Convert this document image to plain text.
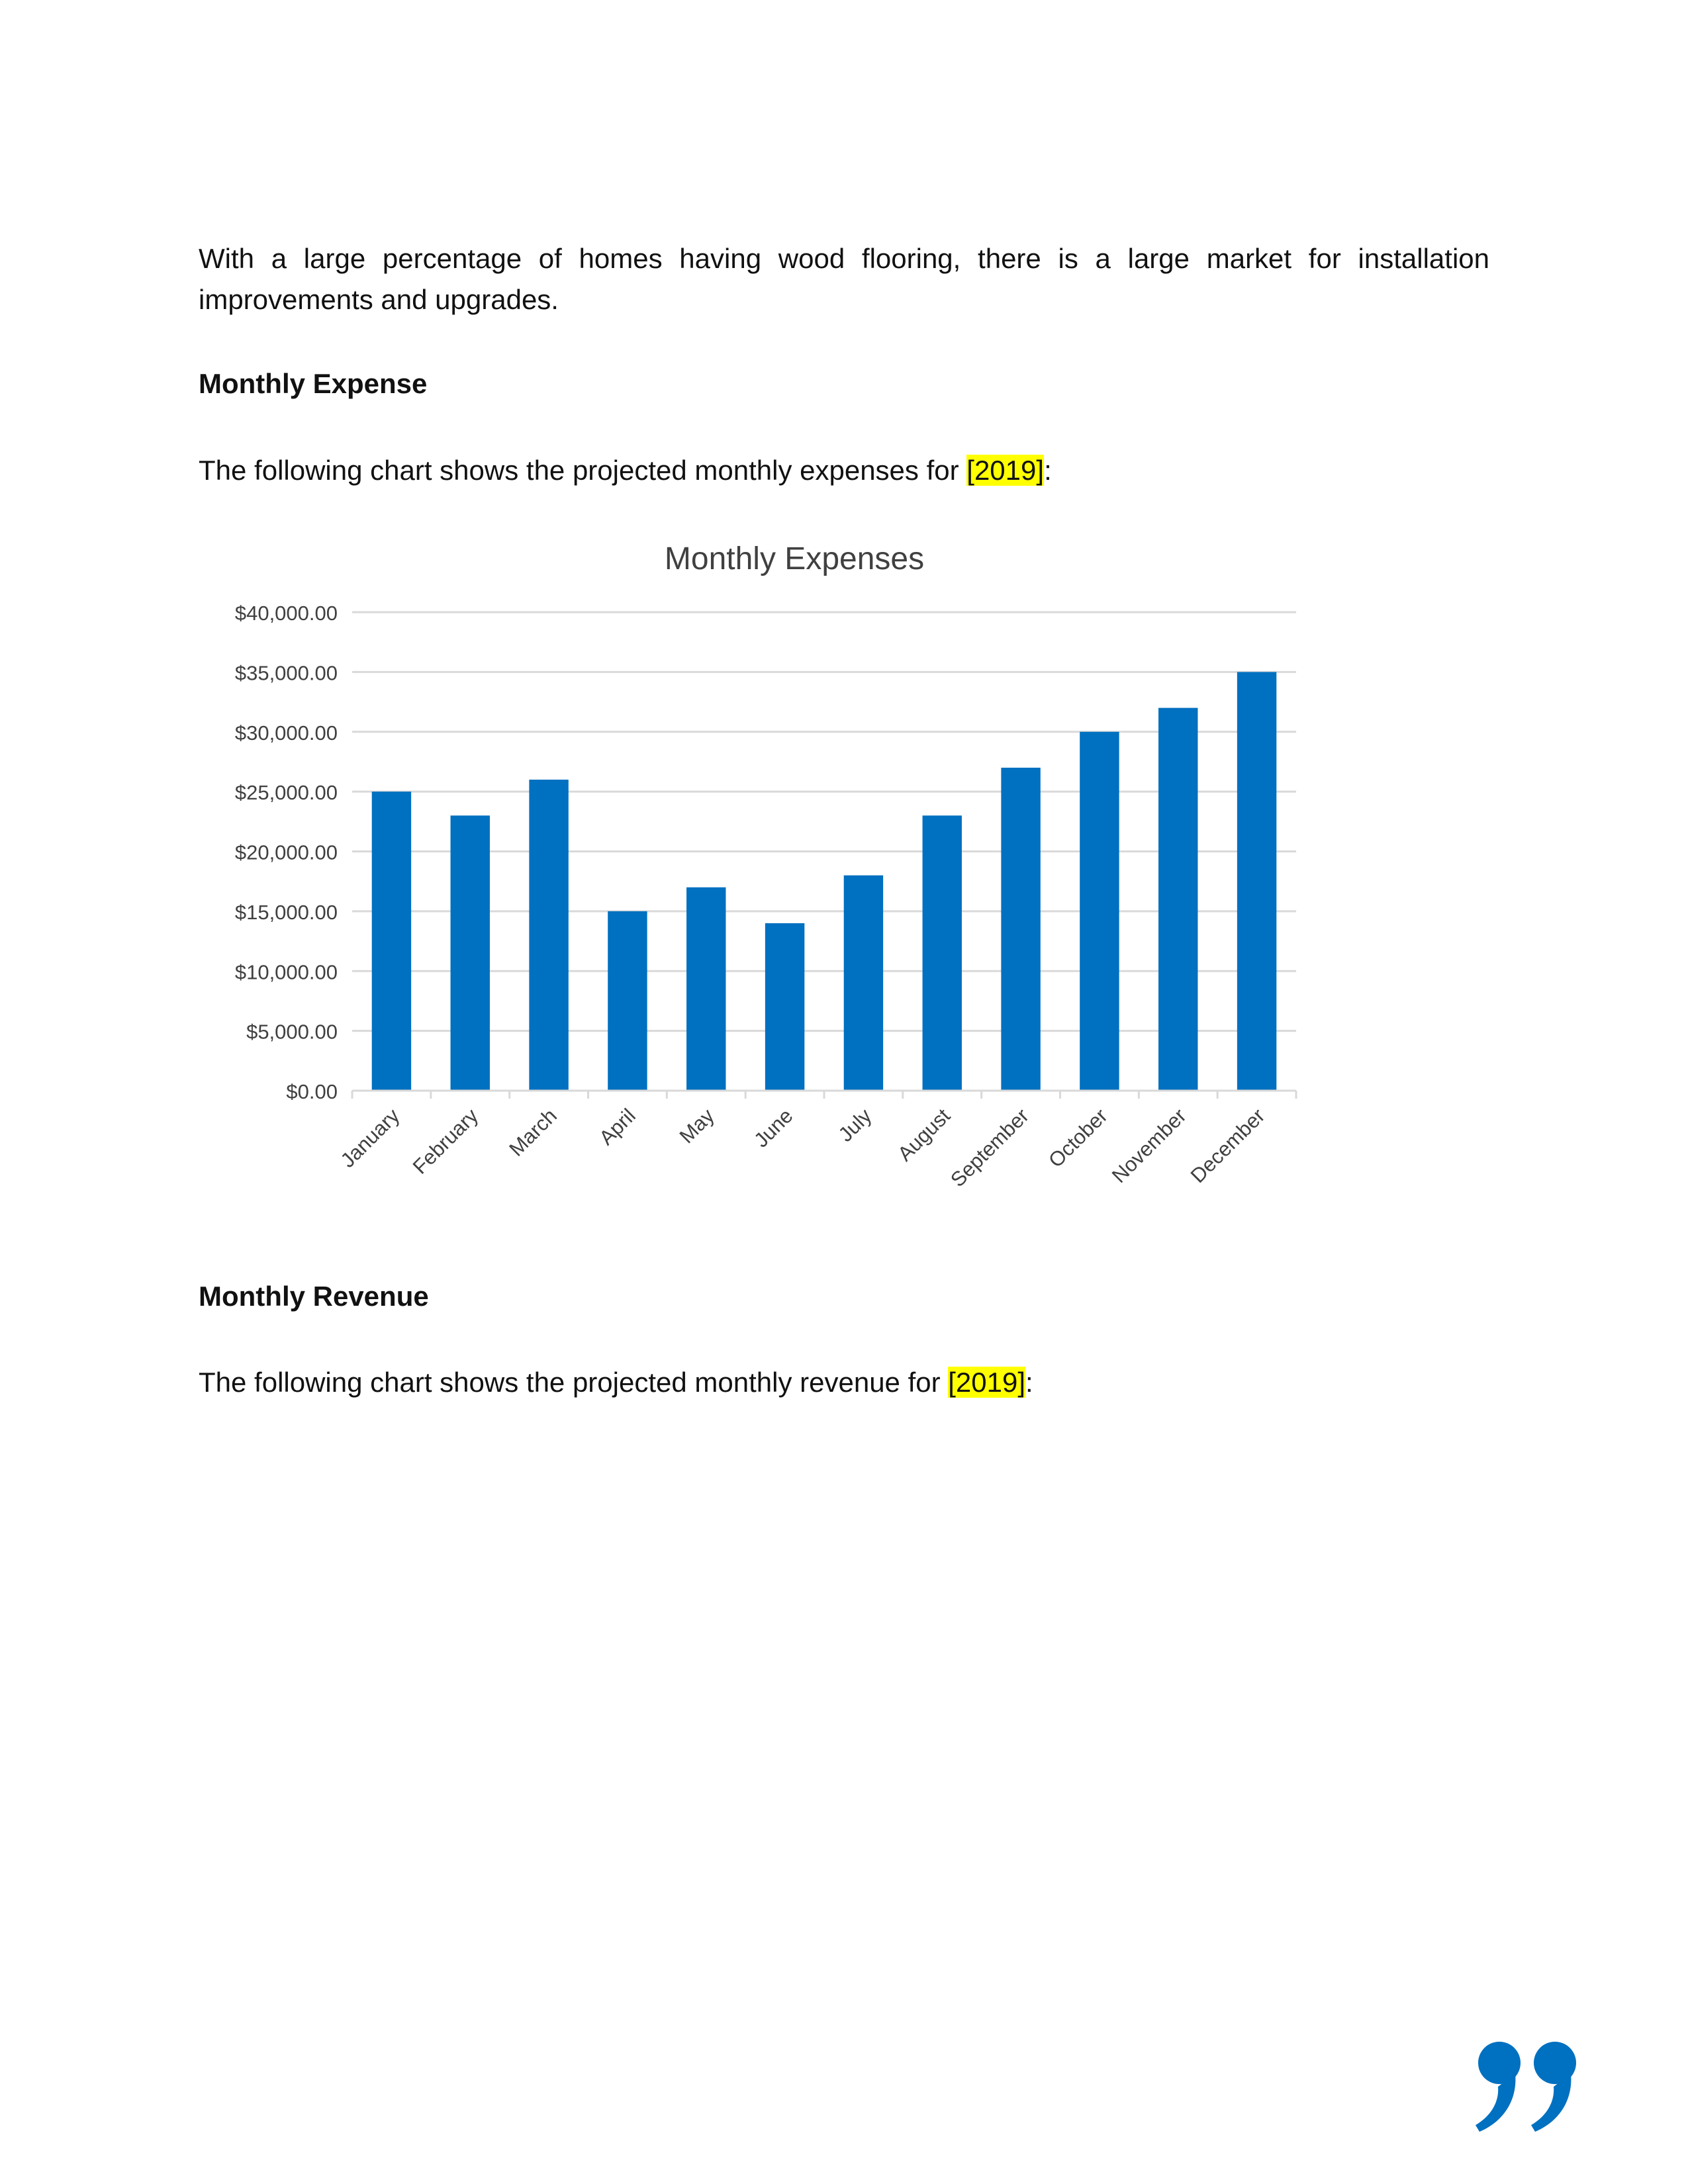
With a large percentage of homes having wood flooring, there is a large market for installation improvements and upgrades.

Monthly Expense

The following chart shows the projected monthly expenses for [2019]:

Monthly Expenses
$0.00
$5,000.00
$10,000.00
$15,000.00
$20,000.00
$25,000.00
$30,000.00
$35,000.00
$40,000.00
January February March April May June July August
September October
November
December
Monthly Revenue

The following chart shows the projected monthly revenue for [2019]:
